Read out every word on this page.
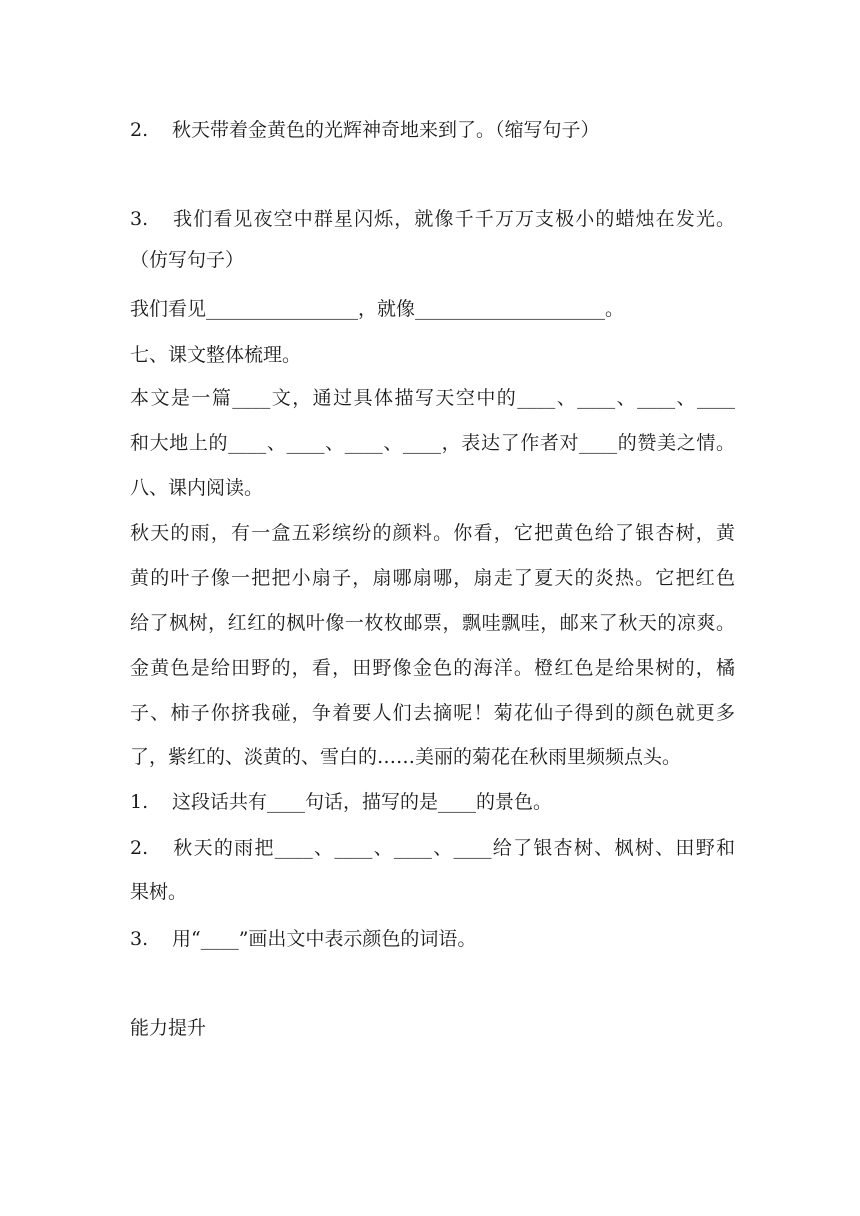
2. 秋天带着金黄色的光辉神奇地来到了。（缩写句子）
3. 我们看见夜空中群星闪烁，就像千千万万支极小的蜡烛在发光。
（仿写句子）
我们看见________________，就像____________________。
七、课文整体梳理。
本文是一篇____文，通过具体描写天空中的____、____、____、____
和大地上的____、____、____、____，表达了作者对____的赞美之情。
八、课内阅读。
秋天的雨，有一盒五彩缤纷的颜料。你看，它把黄色给了银杏树，黄
黄的叶子像一把把小扇子，扇哪扇哪，扇走了夏天的炎热。它把红色
给了枫树，红红的枫叶像一枚枚邮票，飘哇飘哇，邮来了秋天的凉爽。
金黄色是给田野的，看，田野像金色的海洋。橙红色是给果树的，橘
子、柿子你挤我碰，争着要人们去摘呢！菊花仙子得到的颜色就更多
了，紫红的、淡黄的、雪白的……美丽的菊花在秋雨里频频点头。
1. 这段话共有____句话，描写的是____的景色。
2. 秋天的雨把____、____、____、____给了银杏树、枫树、田野和
果树。
3. 用“____”画出文中表示颜色的词语。
能力提升
